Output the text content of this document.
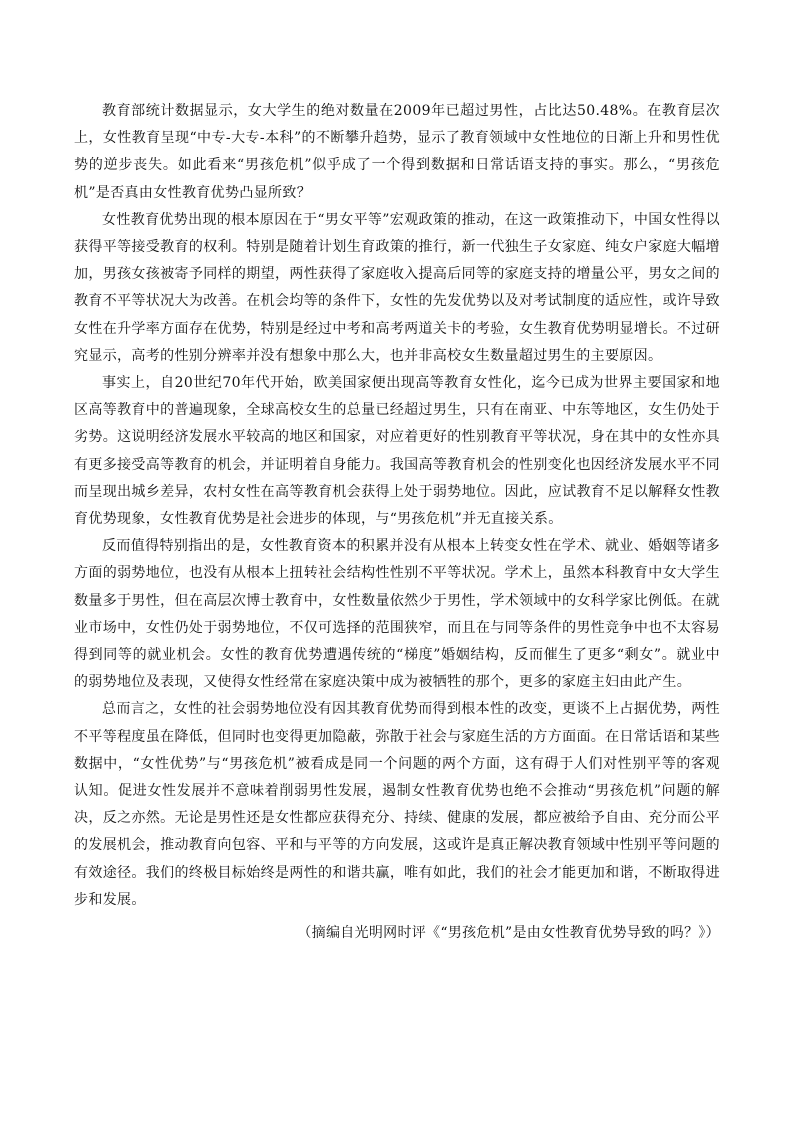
教育部统计数据显示，女大学生的绝对数量在2009年已超过男性，占比达50.48%。在教育层次上，女性教育呈现“中专-大专-本科”的不断攀升趋势，显示了教育领域中女性地位的日渐上升和男性优势的逆步丧失。如此看来“男孩危机”似乎成了一个得到数据和日常话语支持的事实。那么，“男孩危机”是否真由女性教育优势凸显所致？

女性教育优势出现的根本原因在于“男女平等”宏观政策的推动，在这一政策推动下，中国女性得以获得平等接受教育的权利。特别是随着计划生育政策的推行，新一代独生子女家庭、纯女户家庭大幅增加，男孩女孩被寄予同样的期望，两性获得了家庭收入提高后同等的家庭支持的增量公平，男女之间的教育不平等状况大为改善。在机会均等的条件下，女性的先发优势以及对考试制度的适应性，或许导致女性在升学率方面存在优势，特别是经过中考和高考两道关卡的考验，女生教育优势明显增长。不过研究显示，高考的性别分辨率并没有想象中那么大，也并非高校女生数量超过男生的主要原因。

事实上，自20世纪70年代开始，欧美国家便出现高等教育女性化，迄今已成为世界主要国家和地区高等教育中的普遍现象，全球高校女生的总量已经超过男生，只有在南亚、中东等地区，女生仍处于劣势。这说明经济发展水平较高的地区和国家，对应着更好的性别教育平等状况，身在其中的女性亦具有更多接受高等教育的机会，并证明着自身能力。我国高等教育机会的性别变化也因经济发展水平不同而呈现出城乡差异，农村女性在高等教育机会获得上处于弱势地位。因此，应试教育不足以解释女性教育优势现象，女性教育优势是社会进步的体现，与“男孩危机”并无直接关系。

反而值得特别指出的是，女性教育资本的积累并没有从根本上转变女性在学术、就业、婚姻等诸多方面的弱势地位，也没有从根本上扭转社会结构性性别不平等状况。学术上，虽然本科教育中女大学生数量多于男性，但在高层次博士教育中，女性数量依然少于男性，学术领域中的女科学家比例低。在就业市场中，女性仍处于弱势地位，不仅可选择的范围狭窄，而且在与同等条件的男性竞争中也不太容易得到同等的就业机会。女性的教育优势遭遇传统的“梯度”婚姻结构，反而催生了更多“剩女”。就业中的弱势地位及表现，又使得女性经常在家庭决策中成为被牺牲的那个，更多的家庭主妇由此产生。

总而言之，女性的社会弱势地位没有因其教育优势而得到根本性的改变，更谈不上占据优势，两性不平等程度虽在降低，但同时也变得更加隐蔽，弥散于社会与家庭生活的方方面面。在日常话语和某些数据中，“女性优势”与“男孩危机”被看成是同一个问题的两个方面，这有碍于人们对性别平等的客观认知。促进女性发展并不意味着削弱男性发展，遏制女性教育优势也绝不会推动“男孩危机”问题的解决，反之亦然。无论是男性还是女性都应获得充分、持续、健康的发展，都应被给予自由、充分而公平的发展机会，推动教育向包容、平和与平等的方向发展，这或许是真正解决教育领域中性别平等问题的有效途径。我们的终极目标始终是两性的和谐共赢，唯有如此，我们的社会才能更加和谐，不断取得进步和发展。

（摘编自光明网时评《“男孩危机”是由女性教育优势导致的吗？》）
